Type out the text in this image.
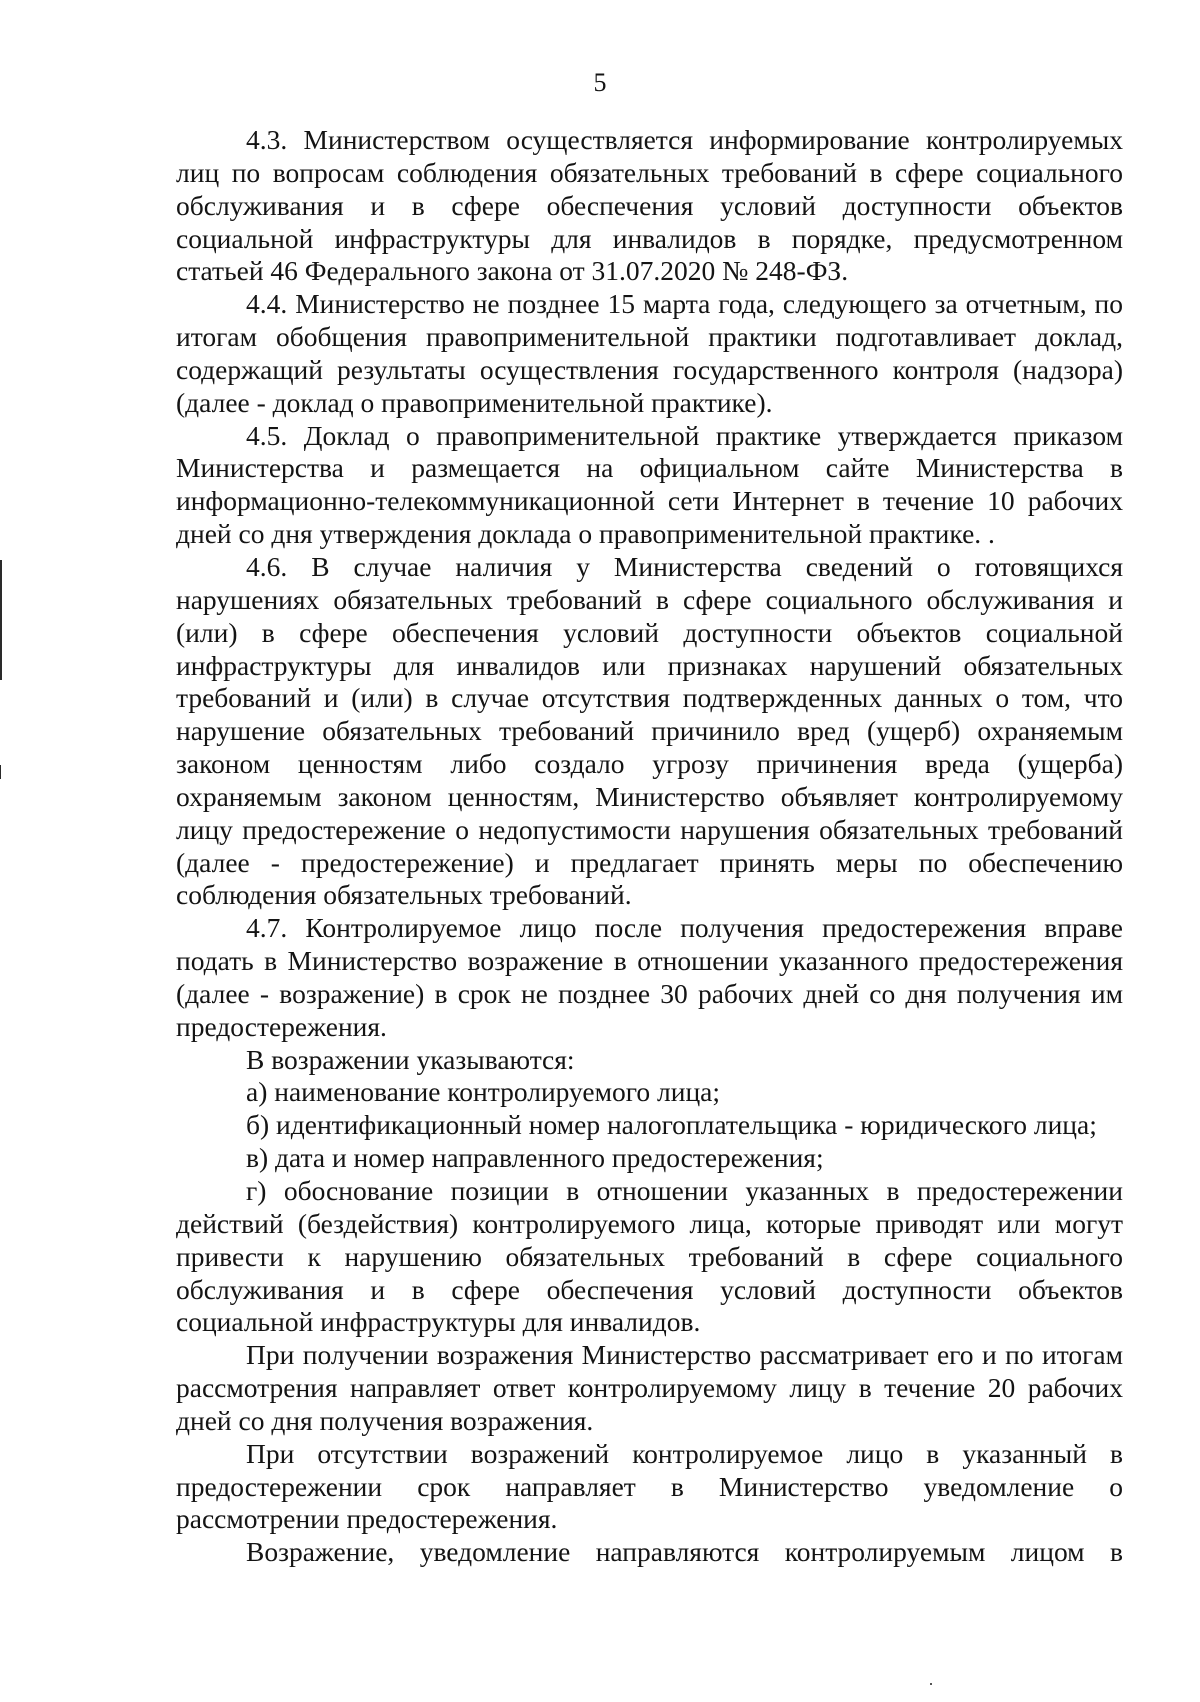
5

4.3. Министерством осуществляется информирование контролируемых лиц по вопросам соблюдения обязательных требований в сфере социального обслуживания и в сфере обеспечения условий доступности объектов социальной инфраструктуры для инвалидов в порядке, предусмотренном статьей 46 Федерального закона от 31.07.2020 № 248-ФЗ.

4.4. Министерство не позднее 15 марта года, следующего за отчетным, по итогам обобщения правоприменительной практики подготавливает доклад, содержащий результаты осуществления государственного контроля (надзора) (далее - доклад о правоприменительной практике).

4.5. Доклад о правоприменительной практике утверждается приказом Министерства и размещается на официальном сайте Министерства в информационно-телекоммуникационной сети Интернет в течение 10 рабочих дней со дня утверждения доклада о правоприменительной практике. .

4.6. В случае наличия у Министерства сведений о готовящихся нарушениях обязательных требований в сфере социального обслуживания и (или) в сфере обеспечения условий доступности объектов социальной инфраструктуры для инвалидов или признаках нарушений обязательных требований и (или) в случае отсутствия подтвержденных данных о том, что нарушение обязательных требований причинило вред (ущерб) охраняемым законом ценностям либо создало угрозу причинения вреда (ущерба) охраняемым законом ценностям, Министерство объявляет контролируемому лицу предостережение о недопустимости нарушения обязательных требований (далее - предостережение) и предлагает принять меры по обеспечению соблюдения обязательных требований.

4.7. Контролируемое лицо после получения предостережения вправе подать в Министерство возражение в отношении указанного предостережения (далее - возражение) в срок не позднее 30 рабочих дней со дня получения им предостережения.

В возражении указываются:

а) наименование контролируемого лица;

б) идентификационный номер налогоплательщика - юридического лица;

в) дата и номер направленного предостережения;

г) обоснование позиции в отношении указанных в предостережении действий (бездействия) контролируемого лица, которые приводят или могут привести к нарушению обязательных требований в сфере социального обслуживания и в сфере обеспечения условий доступности объектов социальной инфраструктуры для инвалидов.

При получении возражения Министерство рассматривает его и по итогам рассмотрения направляет ответ контролируемому лицу в течение 20 рабочих дней со дня получения возражения.

При отсутствии возражений контролируемое лицо в указанный в предостережении срок направляет в Министерство уведомление о рассмотрении предостережения.

Возражение, уведомление направляются контролируемым лицом в
